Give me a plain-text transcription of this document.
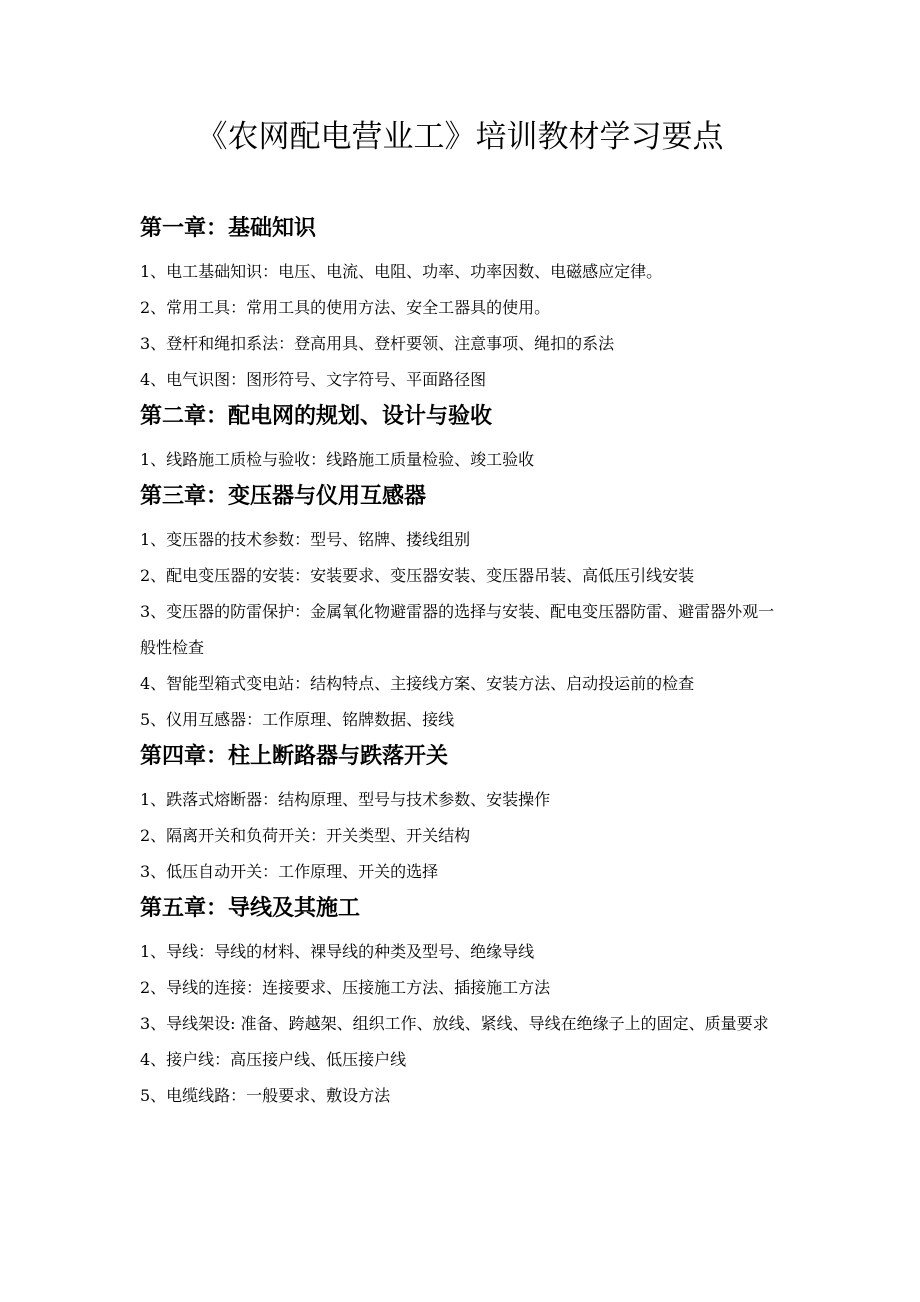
《农网配电营业工》培训教材学习要点
第一章：基础知识

1、电工基础知识：电压、电流、电阻、功率、功率因数、电磁感应定律。

2、常用工具：常用工具的使用方法、安全工器具的使用。

3、登杆和绳扣系法：登高用具、登杆要领、注意事项、绳扣的系法

4、电气识图：图形符号、文字符号、平面路径图

第二章：配电网的规划、设计与验收

1、线路施工质检与验收：线路施工质量检验、竣工验收

第三章：变压器与仪用互感器

1、变压器的技术参数：型号、铭牌、搂线组别

2、配电变压器的安装：安装要求、变压器安装、变压器吊装、高低压引线安装

3、变压器的防雷保护：金属氧化物避雷器的选择与安装、配电变压器防雷、避雷器外观一般性检查

4、智能型箱式变电站：结构特点、主接线方案、安装方法、启动投运前的检查

5、仪用互感器：工作原理、铭牌数据、接线

第四章：柱上断路器与跌落开关

1、跌落式熔断器：结构原理、型号与技术参数、安装操作

2、隔离开关和负荷开关：开关类型、开关结构

3、低压自动开关：工作原理、开关的选择

第五章：导线及其施工

1、导线：导线的材料、裸导线的种类及型号、绝缘导线

2、导线的连接：连接要求、压接施工方法、插接施工方法

3、导线架设: 准备、跨越架、组织工作、放线、紧线、导线在绝缘子上的固定、质量要求

4、接户线：高压接户线、低压接户线

5、电缆线路：一般要求、敷设方法
